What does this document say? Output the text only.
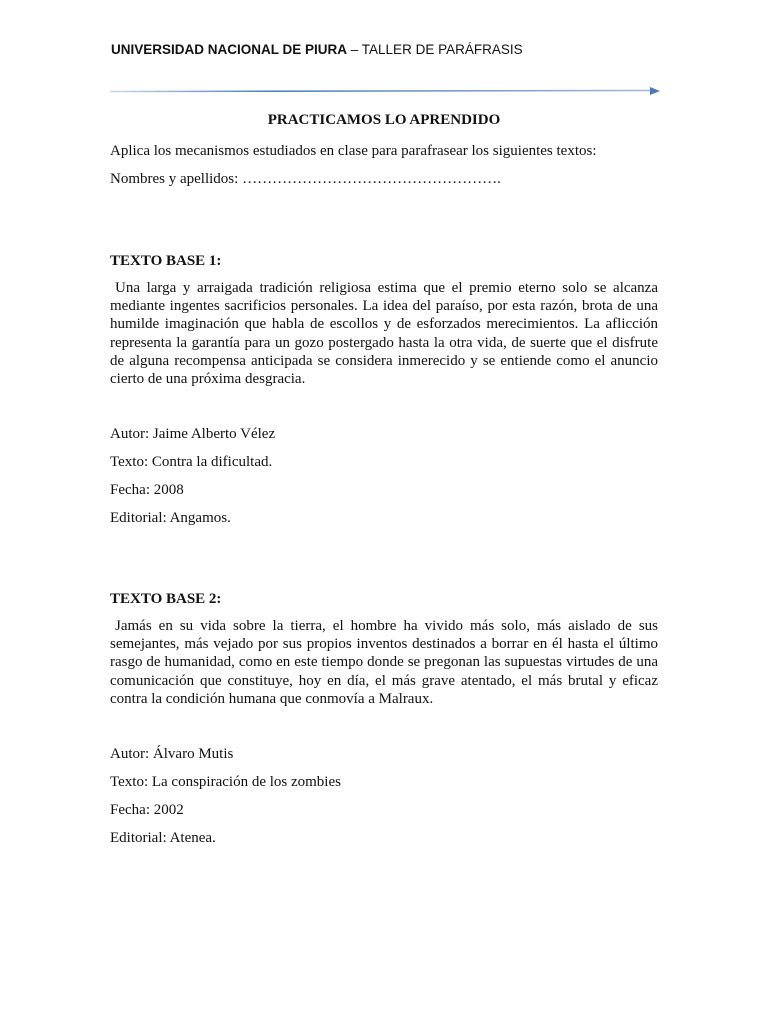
UNIVERSIDAD NACIONAL DE PIURA – TALLER DE PARÁFRASIS
PRACTICAMOS LO APRENDIDO
Aplica los mecanismos estudiados en clase para parafrasear los siguientes textos:
Nombres y apellidos: …………………………………………….
TEXTO BASE 1:
Una larga y arraigada tradición religiosa estima que el premio eterno solo se alcanza mediante ingentes sacrificios personales. La idea del paraíso, por esta razón, brota de una humilde imaginación que habla de escollos y de esforzados merecimientos. La aflicción representa la garantía para un gozo postergado hasta la otra vida, de suerte que el disfrute de alguna recompensa anticipada se considera inmerecido y se entiende como el anuncio cierto de una próxima desgracia.
Autor: Jaime Alberto Vélez
Texto: Contra la dificultad.
Fecha: 2008
Editorial: Angamos.
TEXTO BASE 2:
Jamás en su vida sobre la tierra, el hombre ha vivido más solo, más aislado de sus semejantes, más vejado por sus propios inventos destinados a borrar en él hasta el último rasgo de humanidad, como en este tiempo donde se pregonan las supuestas virtudes de una comunicación que constituye, hoy en día, el más grave atentado, el más brutal y eficaz contra la condición humana que conmovía a Malraux.
Autor: Álvaro Mutis
Texto: La conspiración de los zombies
Fecha: 2002
Editorial: Atenea.
